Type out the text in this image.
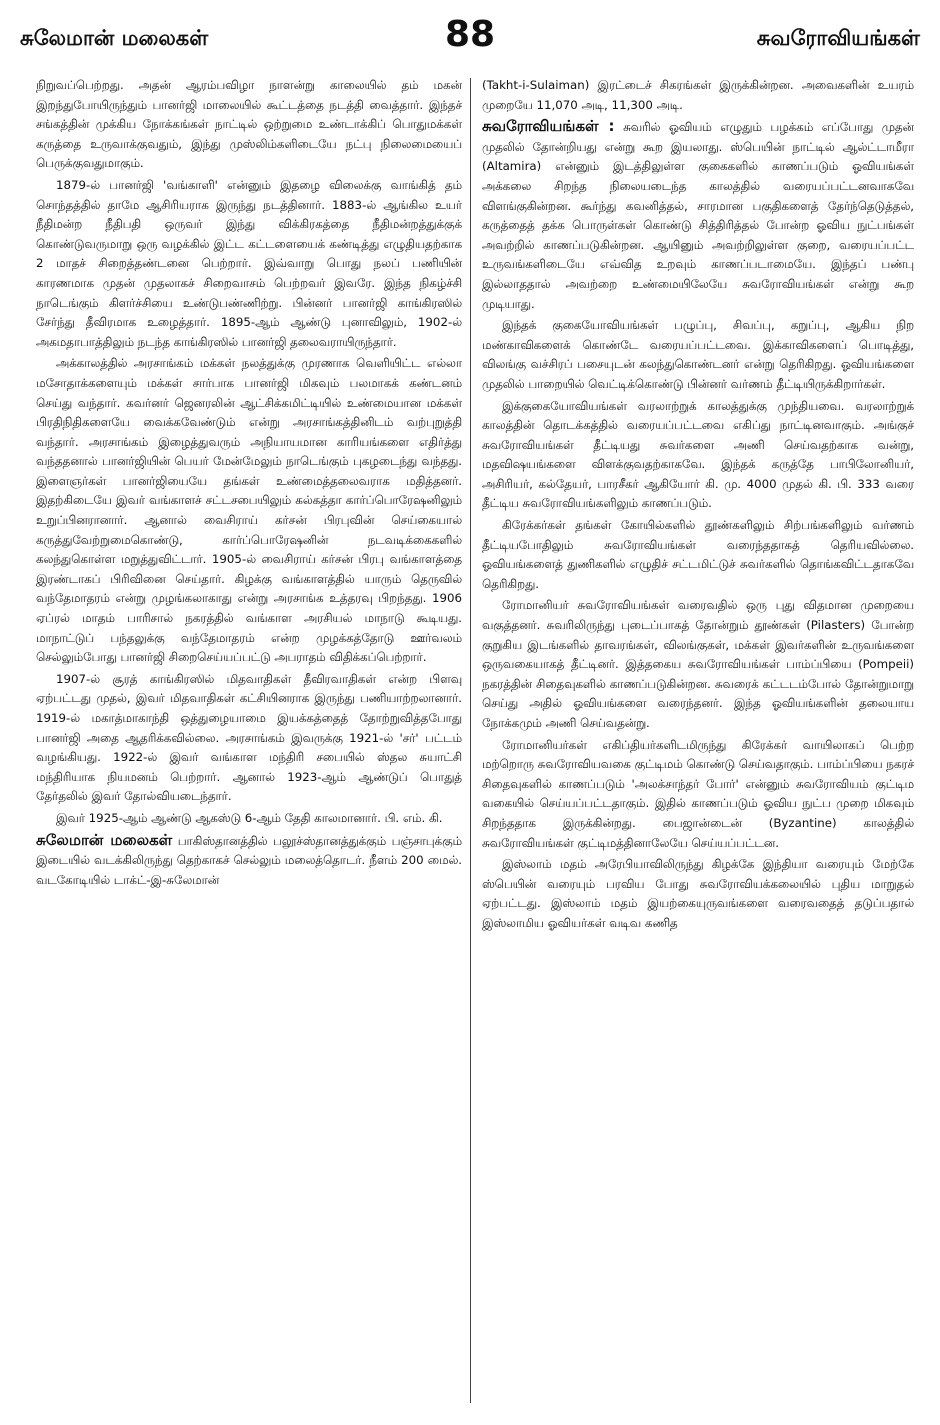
சுலேமான் மலைகள்	88	சுவரோவியங்கள்

நிறுவப்பெற்றது. அதன் ஆரம்பவிழா நாளன்று காலையில் தம் மகன் இறந்துபோயிருந்தும் பானர்ஜி மாலையில் கூட்டத்தை நடத்தி வைத்தார். இந்தச் சங்கத்தின் முக்கிய நோக்கங்கள் நாட்டில் ஒற்றுமை உண்டாக்கிப் பொதுமக்கள் கருத்தை உருவாக்குவதும், இந்து முஸ்லிம்களிடையே நட்பு நிலைமையைப் பெருக்குவதுமாகும்.

1879-ல் பானர்ஜி 'வங்காளி' என்னும் இதழை விலைக்கு வாங்கித் தம் சொந்தத்தில் தாமே ஆசிரியராக இருந்து நடத்தினார். 1883-ல் ஆங்கில உயர் நீதிமன்ற நீதிபதி ஒருவர் இந்து விக்கிரகத்தை நீதிமன்றத்துக்குக் கொண்டுவருமாறு ஒரு வழக்கில் இட்ட கட்டளையைக் கண்டித்து எழுதியதற்காக 2 மாதச் சிறைத்தண்டனை பெற்றார். இவ்வாறு பொது நலப் பணியின் காரணமாக முதன் முதலாகச் சிறைவாசம் பெற்றவர் இவரே. இந்த நிகழ்ச்சி நாடெங்கும் கிளர்ச்சியை உண்டுபண்ணிற்று. பின்னர் பானர்ஜி காங்கிரஸில் சேர்ந்து தீவிரமாக உழைத்தார். 1895-ஆம் ஆண்டு புனாவிலும், 1902-ல் அகமதாபாத்திலும் நடந்த காங்கிரஸில் பானர்ஜி தலைவராயிருந்தார்.

அக்காலத்தில் அரசாங்கம் மக்கள் நலத்துக்கு முரணாக வெளியிட்ட எல்லா மசோதாக்களையும் மக்கள் சார்பாக பானர்ஜி மிகவும் பலமாகக் கண்டனம் செய்து வந்தார். கவர்னர் ஜெனரலின் ஆட்சிக்கமிட்டியில் உண்மையான மக்கள் பிரதிநிதிகளையே வைக்கவேண்டும் என்று அரசாங்கத்தினிடம் வற்புறுத்தி வந்தார். அரசாங்கம் இழைத்துவரும் அநியாயமான காரியங்களை எதிர்த்து வந்ததனால் பானர்ஜியின் பெயர் மேன்மேலும் நாடெங்கும் புகழடைந்து வந்தது. இளைஞர்கள் பானர்ஜியையே தங்கள் உண்மைத்தலைவராக மதித்தனர். இதற்கிடையே இவர் வங்காளச் சட்டசபையிலும் கல்கத்தா கார்ப்பொரேஷனிலும் உறுப்பினரானார். ஆனால் வைசிராய் கர்சன் பிரபுவின் செய்கையால் கருத்துவேற்றுமைகொண்டு, கார்ப்பொரேஷனின் நடவடிக்கைகளில் கலந்துகொள்ள மறுத்துவிட்டார். 1905-ல் வைசிராய் கர்சன் பிரபு வங்காளத்தை இரண்டாகப் பிரிவினை செய்தார். கிழக்கு வங்காளத்தில் யாரும் தெருவில் வந்தேமாதரம் என்று முழங்கலாகாது என்று அரசாங்க உத்தரவு பிறந்தது. 1906 ஏப்ரல் மாதம் பாரிசால் நகரத்தில் வங்காள அரசியல் மாநாடு கூடியது. மாநாட்டுப் பந்தலுக்கு வந்தேமாதரம் என்ற முழக்கத்தோடு ஊர்வலம் செல்லும்போது பானர்ஜி சிறைசெய்யப்பட்டு அபராதம் விதிக்கப்பெற்றார்.

1907-ல் சூரத் காங்கிரஸில் மிதவாதிகள் தீவிரவாதிகள் என்ற பிளவு ஏற்பட்டது முதல், இவர் மிதவாதிகள் கட்சியினராக இருந்து பணியாற்றலானார். 1919-ல் மகாத்மாகாந்தி ஒத்துழையாமை இயக்கத்தைத் தோற்றுவித்தபோது பானர்ஜி அதை ஆதரிக்கவில்லை. அரசாங்கம் இவருக்கு 1921-ல் 'சர்' பட்டம் வழங்கியது. 1922-ல் இவர் வங்காள மந்திரி சபையில் ஸ்தல சுயாட்சி மந்திரியாக நியமனம் பெற்றார். ஆனால் 1923-ஆம் ஆண்டுப் பொதுத் தேர்தலில் இவர் தோல்வியடைந்தார்.

இவர் 1925-ஆம் ஆண்டு ஆகஸ்டு 6-ஆம் தேதி காலமானார். பி. எம். கி.

சுலேமான் மலைகள் பாகிஸ்தானத்தில் பலூச்ஸ்தானத்துக்கும் பஞ்சாபுக்கும் இடையில் வடக்கிலிருந்து தெற்காகச் செல்லும் மலைத்தொடர். நீளம் 200 மைல். வடகோடியில் டாக்ட்-இ-சுலேமான்

(Takht-i-Sulaiman) இரட்டைச் சிகரங்கள் இருக்கின்றன. அவைகளின் உயரம் முறையே 11,070 அடி, 11,300 அடி.

சுவரோவியங்கள் : சுவரில் ஓவியம் எழுதும் பழக்கம் எப்போது முதன் முதலில் தோன்றியது என்று கூற இயலாது. ஸ்பெயின் நாட்டில் ஆல்ட்டாமீரா (Altamira) என்னும் இடத்திலுள்ள குகைகளில் காணப்படும் ஓவியங்கள் அக்கலை சிறந்த நிலையடைந்த காலத்தில் வரையப்பட்டனவாகவே விளங்குகின்றன. கூர்ந்து கவனித்தல், சாரமான பகுதிகளைத் தேர்ந்தெடுத்தல், கருத்தைத் தக்க பொருள்கள் கொண்டு சித்திரித்தல் போன்ற ஓவிய நுட்பங்கள் அவற்றில் காணப்படுகின்றன. ஆயினும் அவற்றிலுள்ள குறை, வரையப்பட்ட உருவங்களிடையே எவ்வித உறவும் காணப்படாமையே. இந்தப் பண்பு இல்லாததால் அவற்றை உண்மையிலேயே சுவரோவியங்கள் என்று கூற முடியாது.

இந்தக் குகையோவியங்கள் பழுப்பு, சிவப்பு, கறுப்பு, ஆகிய நிற மண்காவிகளைக் கொண்டே வரையப்பட்டவை. இக்காவிகளைப் பொடித்து, விலங்கு வச்சிரப் பசையுடன் கலந்துகொண்டனர் என்று தெரிகிறது. ஓவியங்களை முதலில் பாறையில் வெட்டிக்கொண்டு பின்னர் வர்ணம் தீட்டியிருக்கிறார்கள்.

இக்குகையோவியங்கள் வரலாற்றுக் காலத்துக்கு முந்தியவை. வரலாற்றுக் காலத்தின் தொடக்கத்தில் வரையப்பட்டவை எகிப்து நாட்டினவாகும். அங்குச் சுவரோவியங்கள் தீட்டியது சுவர்களை அணி செய்வதற்காக வன்று, மதவிஷயங்களை விளக்குவதற்காகவே. இந்தக் கருத்தே பாபிலோனியர், அசிரியர், கல்தேயர், பாரசீகர் ஆகியோர் கி. மு. 4000 முதல் கி. பி. 333 வரை தீட்டிய சுவரோவியங்களிலும் காணப்படும்.

கிரேக்கர்கள் தங்கள் கோயில்களில் தூண்களிலும் சிற்பங்களிலும் வர்ணம் தீட்டியபோதிலும் சுவரோவியங்கள் வரைந்ததாகத் தெரியவில்லை. ஓவியங்களைத் துணிகளில் எழுதிச் சட்டமிட்டுச் சுவர்களில் தொங்கவிட்டதாகவே தெரிகிறது.

ரோமானியர் சுவரோவியங்கள் வரைவதில் ஒரு புது விதமான முறையை வகுத்தனர். சுவரிலிருந்து புடைப்பாகத் தோன்றும் தூண்கள் (Pilasters) போன்ற குறுகிய இடங்களில் தாவரங்கள், விலங்குகள், மக்கள் இவர்களின் உருவங்களை ஒருவகையாகத் தீட்டினர். இத்தகைய சுவரோவியங்கள் பாம்ப்பியை (Pompeii) நகரத்தின் சிதைவுகளில் காணப்படுகின்றன. சுவரைக் கட்டடம்போல் தோன்றுமாறு செய்து அதில் ஓவியங்களை வரைந்தனர். இந்த ஓவியங்களின் தலையாய நோக்கமும் அணி செய்வதன்று.

ரோமானியர்கள் எகிப்தியர்களிடமிருந்து கிரேக்கர் வாயிலாகப் பெற்ற மற்றொரு சுவரோவியவகை குட்டிமம் கொண்டு செய்வதாகும். பாம்ப்பியை நகரச் சிதைவுகளில் காணப்படும் 'அலக்சாந்தர் போர்' என்னும் சுவரோவியம் குட்டிம வகையில் செய்யப்பட்டதாகும். இதில் காணப்படும் ஓவிய நுட்ப முறை மிகவும் சிறந்ததாக இருக்கின்றது. பைஜான்டைன் (Byzantine) காலத்தில் சுவரோவியங்கள் குட்டிமத்தினாலேயே செய்யப்பட்டன.

இஸ்லாம் மதம் அரேபியாவிலிருந்து கிழக்கே இந்தியா வரையும் மேற்கே ஸ்பெயின் வரையும் பரவிய போது சுவரோவியக்கலையில் புதிய மாறுதல் ஏற்பட்டது. இஸ்லாம் மதம் இயற்கையுருவங்களை வரைவதைத் தடுப்பதால் இஸ்லாமிய ஓவியர்கள் வடிவ கணித
